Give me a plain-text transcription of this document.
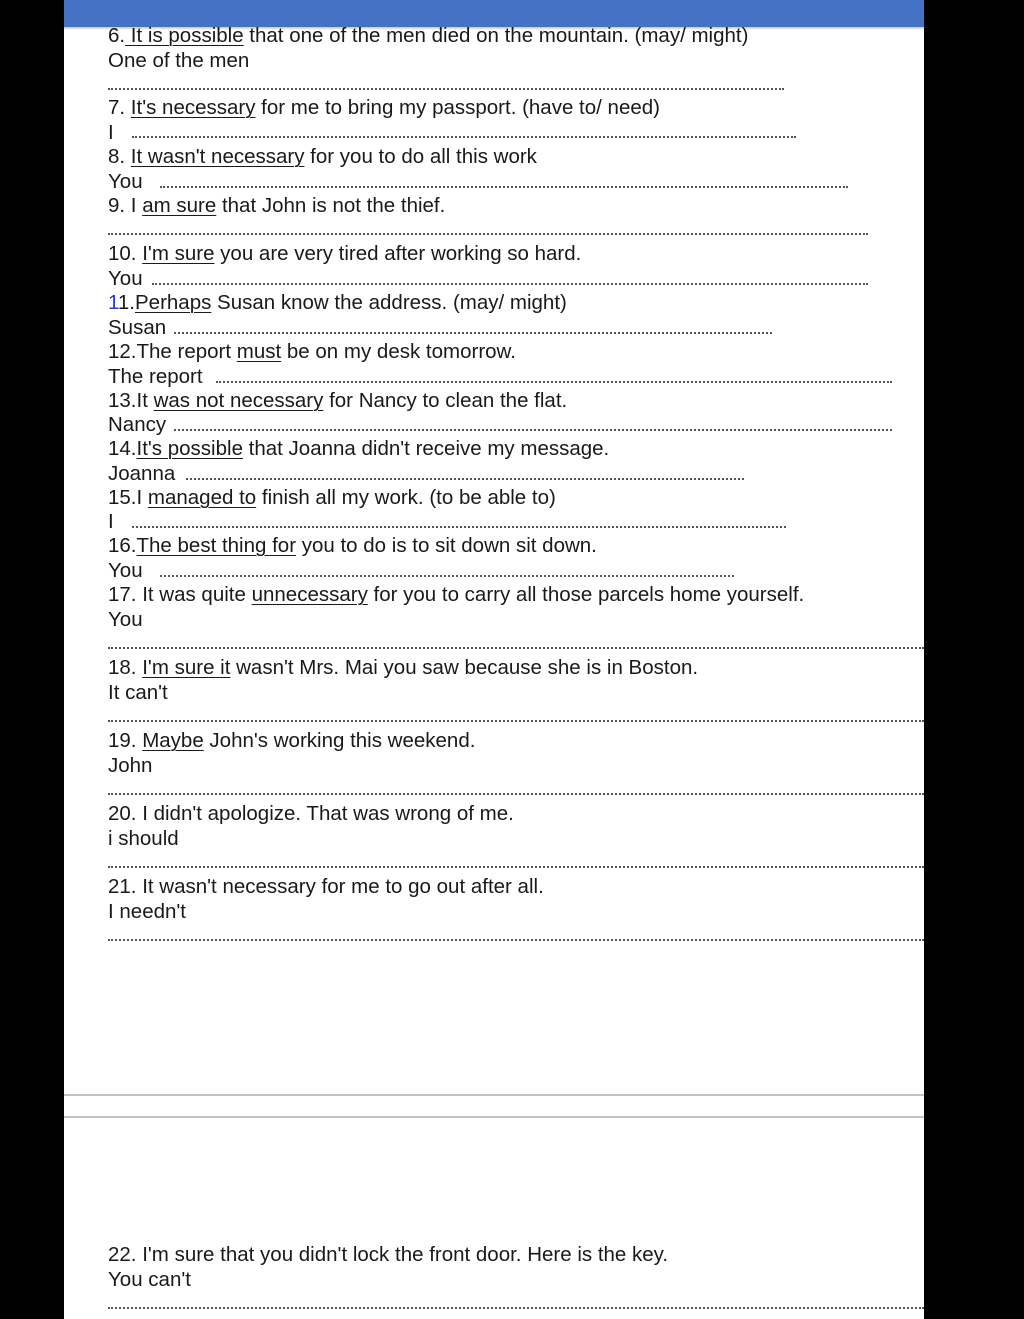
6. It is possible that one of the men died on the mountain. (may/ might)
One of the men
7. It's necessary for me to bring my passport. (have to/ need)
I
8. It wasn't necessary for you to do all this work
You
9. I am sure that John is not the thief.
10. I'm sure you are very tired after working so hard.
You
11.Perhaps Susan know the address. (may/ might)
Susan
12.The report must be on my desk tomorrow.
The report
13.It was not necessary for Nancy to clean the flat.
Nancy
14.It's possible that Joanna didn't receive my message.
Joanna
15.I managed to finish all my work. (to be able to)
I
16.The best thing for you to do is to sit down sit down.
You
17. It was quite unnecessary for you to carry all those parcels home yourself.
You
18. I'm sure it wasn't Mrs. Mai you saw because she is in Boston.
It can't
19. Maybe John's working this weekend.
John
20. I didn't apologize. That was wrong of me.
i should
21. It wasn't necessary for me to go out after all.
I needn't
22. I'm sure that you didn't lock the front door. Here is the key.
You can't
